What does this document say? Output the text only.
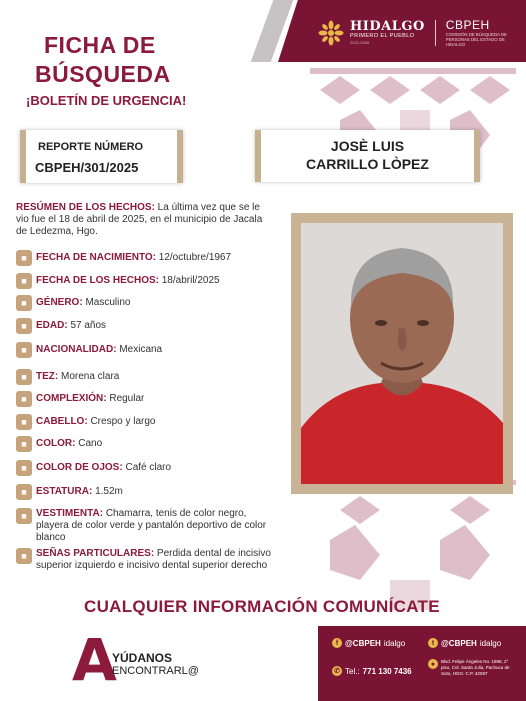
HIDALGO
PRIMERO EL PUEBLO
2022-2028
CBPEH
COMISIÓN DE BÚSQUEDA DE PERSONAS DEL ESTADO DE HIDALGO
FICHA DE
BÚSQUEDA
¡BOLETÍN DE URGENCIA!
REPORTE NÚMERO
CBPEH/301/2025
JOSÈ LUIS
CARRILLO LÒPEZ
RESÚMEN DE LOS HECHOS: La última vez que se le vio fue el 18 de abril de 2025, en el municipio de Jacala de Ledezma, Hgo.
■ FECHA DE NACIMIENTO: 12/octubre/1967
■ FECHA DE LOS HECHOS: 18/abril/2025
■ GÉNERO: Masculino
■ EDAD: 57 años
■ NACIONALIDAD: Mexicana
■ TEZ: Morena clara
■ COMPLEXIÓN: Regular
■ CABELLO: Crespo y largo
■ COLOR: Cano
■ COLOR DE OJOS: Café claro
■ ESTATURA: 1.52m
■ VESTIMENTA: Chamarra, tenis de color negro, playera de color verde y pantalón deportivo de color blanco
■ SEÑAS PARTICULARES: Perdida dental de incisivo superior izquierdo e incisivo dental superior derecho
CUALQUIER INFORMACIÓN COMUNÍCATE
A
YÚDANOS
ENCONTRARL@
f @CBPEH idalgo	t @CBPEH idalgo
✆ Tel.: 771 130 7436
●	Blvd. Felipe Ángeles No. 1898, 2° piso, Col. Santa Julia, Pachuca de Soto, HGO. C.P. 42087
